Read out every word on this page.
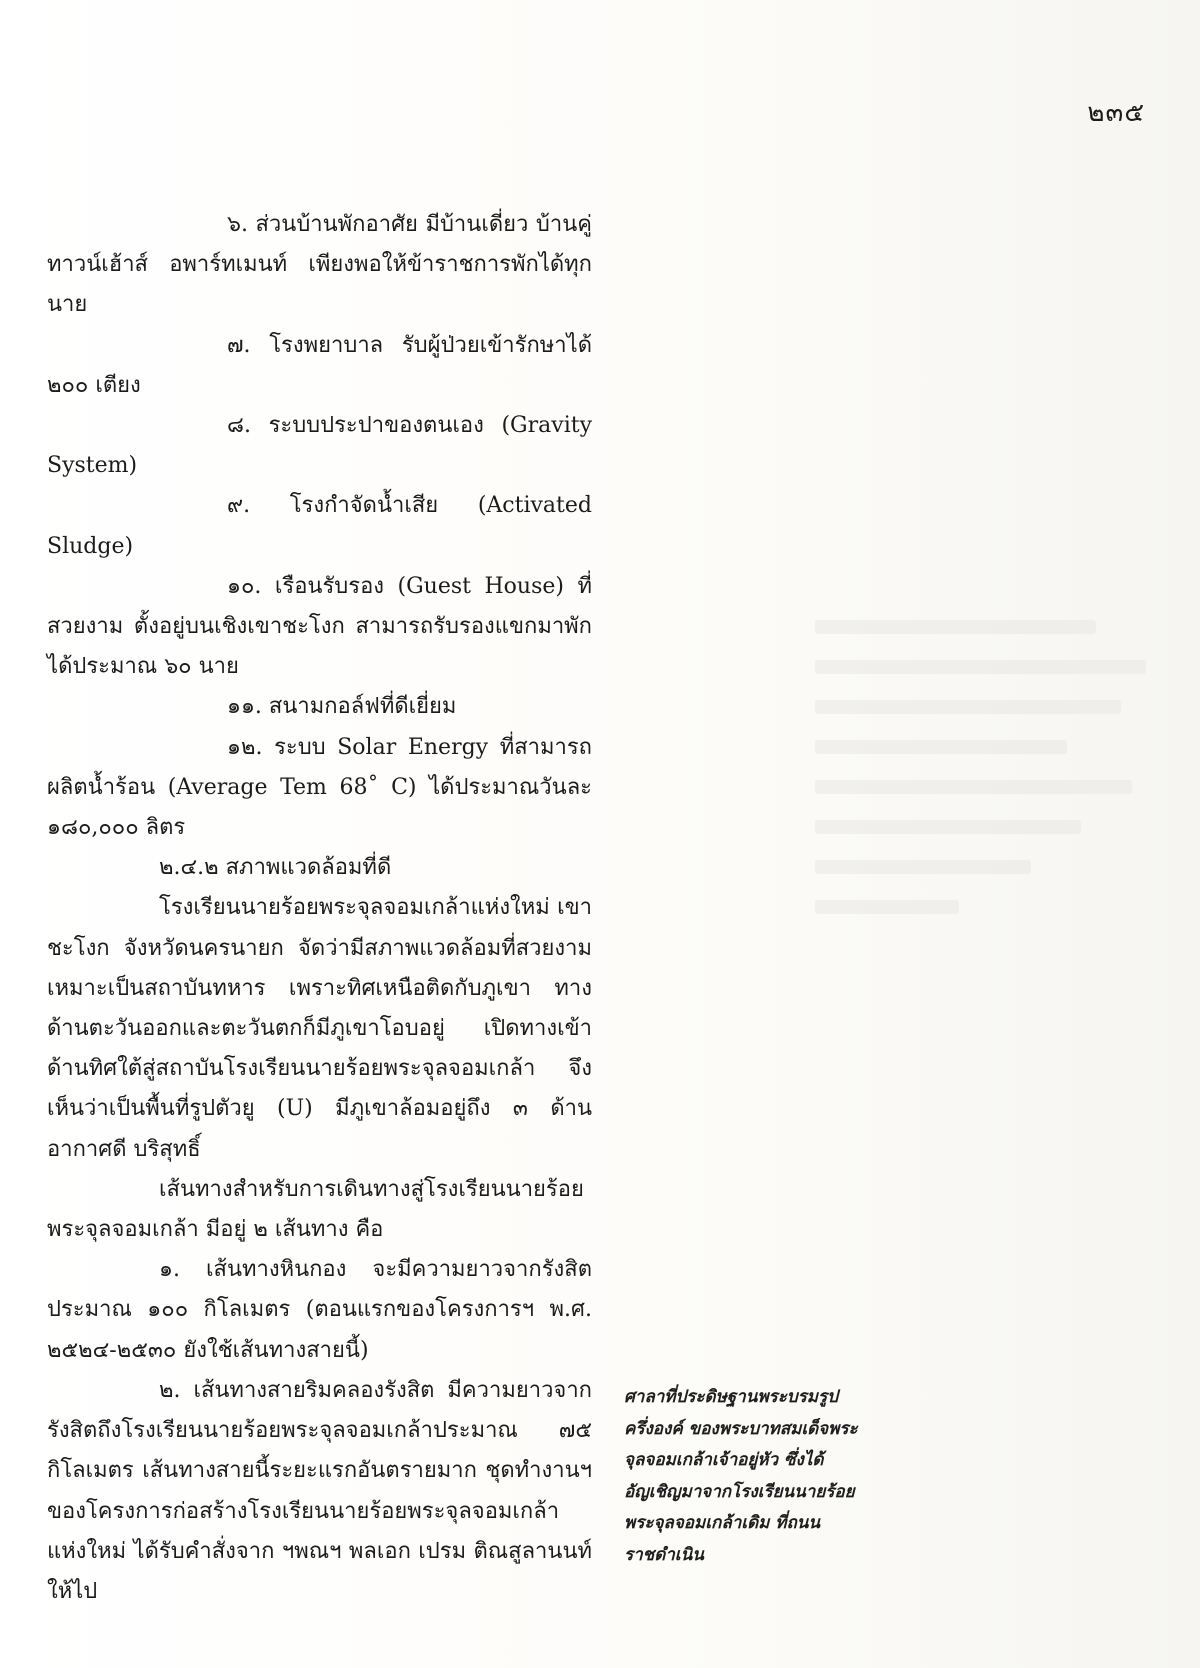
๒๓๕

๖. ส่วนบ้านพักอาศัย มีบ้านเดี่ยว บ้านคู่ ทาวน์เฮ้าส์ อพาร์ทเมนท์ เพียงพอให้ข้าราชการพักได้ทุกนาย

๗. โรงพยาบาล รับผู้ป่วยเข้ารักษาได้ ๒๐๐ เตียง

๘. ระบบประปาของตนเอง (Gravity System)

๙. โรงกำจัดน้ำเสีย (Activated Sludge)

๑๐. เรือนรับรอง (Guest House) ที่สวยงาม ตั้งอยู่บนเชิงเขาชะโงก สามารถรับรองแขกมาพักได้ประมาณ ๖๐ นาย

๑๑. สนามกอล์ฟที่ดีเยี่ยม

๑๒. ระบบ Solar Energy ที่สามารถผลิตน้ำร้อน (Average Tem 68˚ C) ได้ประมาณวันละ ๑๘๐,๐๐๐ ลิตร

๒.๔.๒ สภาพแวดล้อมที่ดี

โรงเรียนนายร้อยพระจุลจอมเกล้าแห่งใหม่ เขาชะโงก จังหวัดนครนายก จัดว่ามีสภาพแวดล้อมที่สวยงามเหมาะเป็นสถาบันทหาร เพราะทิศเหนือติดกับภูเขา ทางด้านตะวันออกและตะวันตกก็มีภูเขาโอบอยู่ เปิดทางเข้าด้านทิศใต้สู่สถาบันโรงเรียนนายร้อยพระจุลจอมเกล้า จึงเห็นว่าเป็นพื้นที่รูปตัวยู (U) มีภูเขาล้อมอยู่ถึง ๓ ด้าน อากาศดี บริสุทธิ์

เส้นทางสำหรับการเดินทางสู่โรงเรียนนายร้อยพระจุลจอมเกล้า มีอยู่ ๒ เส้นทาง คือ

๑. เส้นทางหินกอง จะมีความยาวจากรังสิตประมาณ ๑๐๐ กิโลเมตร (ตอนแรกของโครงการฯ พ.ศ. ๒๕๒๔-๒๕๓๐ ยังใช้เส้นทางสายนี้)

๒. เส้นทางสายริมคลองรังสิต มีความยาวจากรังสิตถึงโรงเรียนนายร้อยพระจุลจอมเกล้าประมาณ ๗๕ กิโลเมตร เส้นทางสายนี้ระยะแรกอันตรายมาก ชุดทำงานฯ ของโครงการก่อสร้างโรงเรียนนายร้อยพระจุลจอมเกล้าแห่งใหม่ ได้รับคำสั่งจาก ฯพณฯ พลเอก เปรม ติณสูลานนท์ ให้ไป

ศาลาที่ประดิษฐานพระบรมรูปครึ่งองค์ ของพระบาทสมเด็จพระจุลจอมเกล้าเจ้าอยู่หัว ซึ่งได้อัญเชิญมาจากโรงเรียนนายร้อยพระจุลจอมเกล้าเดิม ที่ถนนราชดำเนิน
